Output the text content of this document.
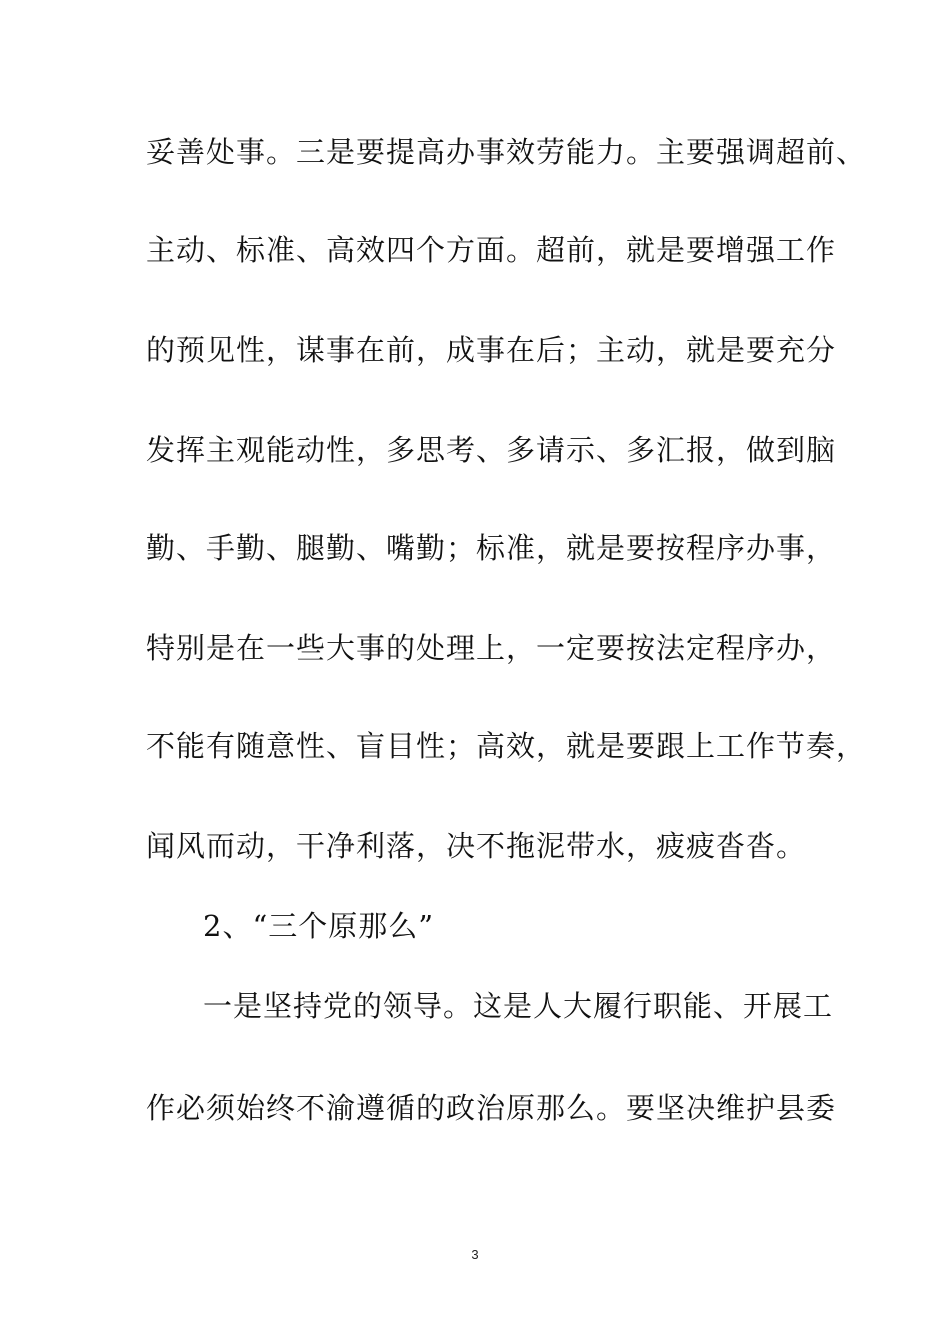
妥善处事。三是要提高办事效劳能力。主要强调超前、
主动、标准、高效四个方面。超前，就是要增强工作
的预见性，谋事在前，成事在后；主动，就是要充分
发挥主观能动性，多思考、多请示、多汇报，做到脑
勤、手勤、腿勤、嘴勤；标准，就是要按程序办事，
特别是在一些大事的处理上，一定要按法定程序办，
不能有随意性、盲目性；高效，就是要跟上工作节奏，
闻风而动，干净利落，决不拖泥带水，疲疲沓沓。
2、“三个原那么”
一是坚持党的领导。这是人大履行职能、开展工
作必须始终不渝遵循的政治原那么。要坚决维护县委
3
